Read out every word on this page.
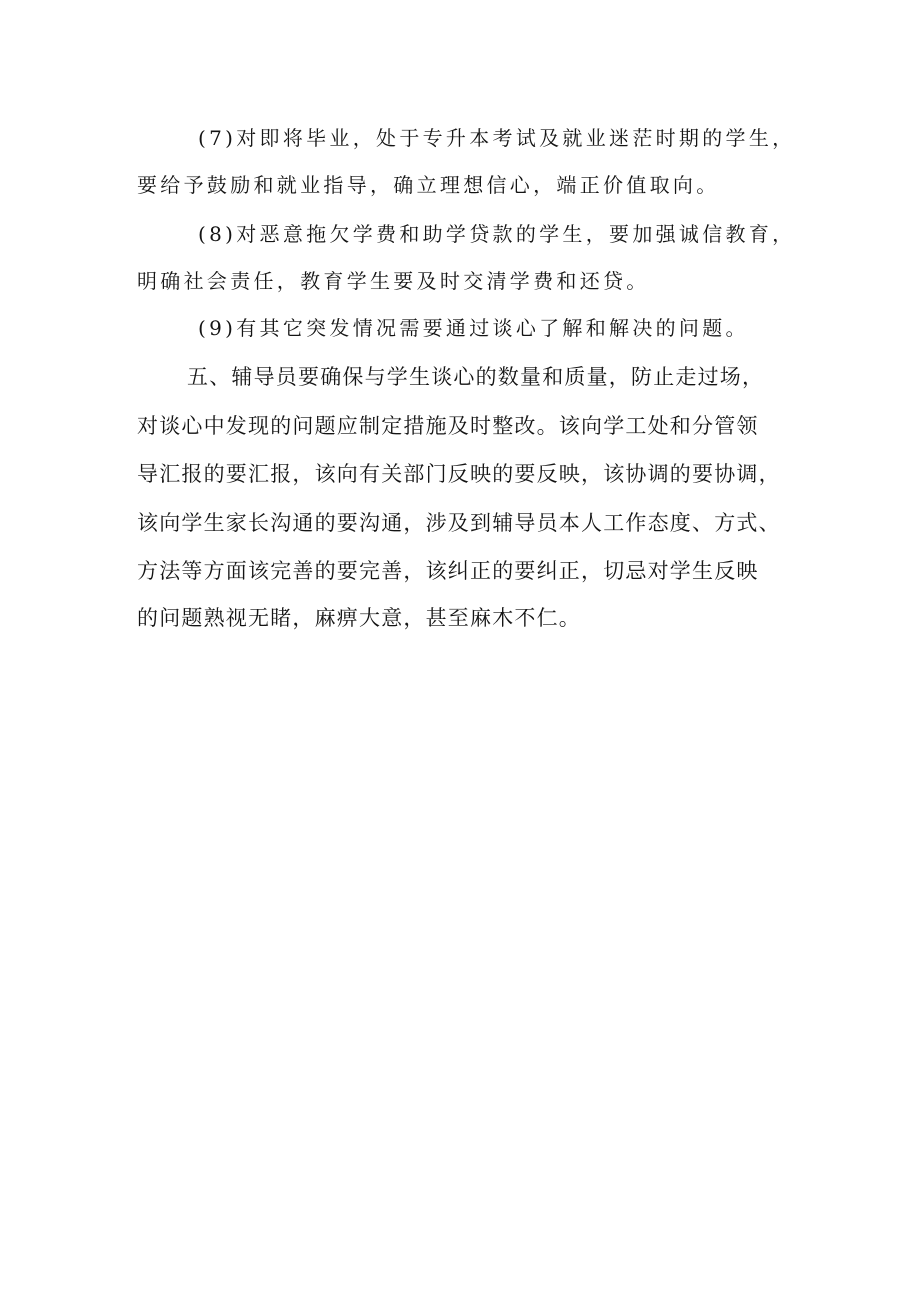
(7)对即将毕业，处于专升本考试及就业迷茫时期的学生，

要给予鼓励和就业指导，确立理想信心，端正价值取向。

(8)对恶意拖欠学费和助学贷款的学生，要加强诚信教育，

明确社会责任，教育学生要及时交清学费和还贷。

(9)有其它突发情况需要通过谈心了解和解决的问题。

五、辅导员要确保与学生谈心的数量和质量，防止走过场，

对谈心中发现的问题应制定措施及时整改。该向学工处和分管领

导汇报的要汇报，该向有关部门反映的要反映，该协调的要协调，

该向学生家长沟通的要沟通，涉及到辅导员本人工作态度、方式、

方法等方面该完善的要完善，该纠正的要纠正，切忌对学生反映

的问题熟视无睹，麻痹大意，甚至麻木不仁。
